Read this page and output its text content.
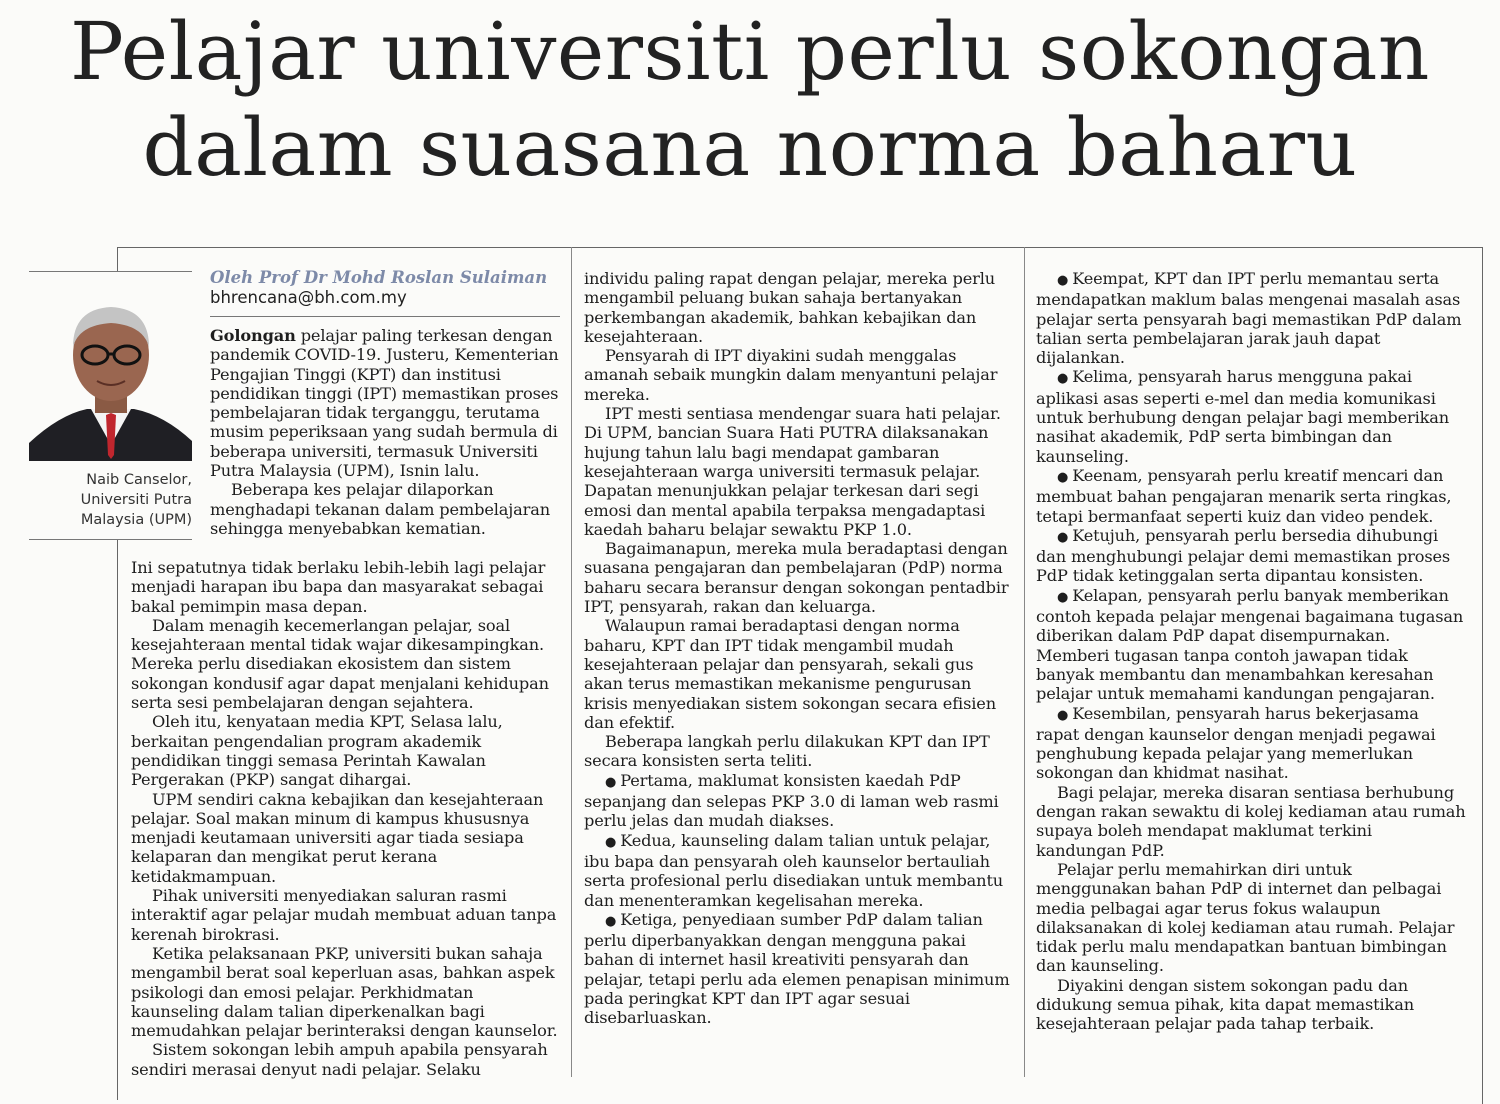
Pelajar universiti perlu sokongan
dalam suasana norma baharu
Naib Canselor,
Universiti Putra
Malaysia (UPM)
Oleh Prof Dr Mohd Roslan Sulaiman
bhrencana@bh.com.my

Golongan pelajar paling terkesan dengan pandemik COVID-19. Justeru, Kementerian Pengajian Tinggi (KPT) dan institusi pendidikan tinggi (IPT) memastikan proses pembelajaran tidak terganggu, terutama musim peperiksaan yang sudah bermula di beberapa universiti, termasuk Universiti Putra Malaysia (UPM), Isnin lalu.

Beberapa kes pelajar dilaporkan menghadapi tekanan dalam pembelajaran sehingga menyebabkan kematian.

Ini sepatutnya tidak berlaku lebih-lebih lagi pelajar menjadi harapan ibu bapa dan masyarakat sebagai bakal pemimpin masa depan.

Dalam menagih kecemerlangan pelajar, soal kesejahteraan mental tidak wajar dikesampingkan. Mereka perlu disediakan ekosistem dan sistem sokongan kondusif agar dapat menjalani kehidupan serta sesi pembelajaran dengan sejahtera.

Oleh itu, kenyataan media KPT, Selasa lalu, berkaitan pengendalian program akademik pendidikan tinggi semasa Perintah Kawalan Pergerakan (PKP) sangat dihargai.

UPM sendiri cakna kebajikan dan kesejahteraan pelajar. Soal makan minum di kampus khususnya menjadi keutamaan universiti agar tiada sesiapa kelaparan dan mengikat perut kerana ketidakmampuan.

Pihak universiti menyediakan saluran rasmi interaktif agar pelajar mudah membuat aduan tanpa kerenah birokrasi.

Ketika pelaksanaan PKP, universiti bukan sahaja mengambil berat soal keperluan asas, bahkan aspek psikologi dan emosi pelajar. Perkhidmatan kaunseling dalam talian diperkenalkan bagi memudahkan pelajar berinteraksi dengan kaunselor.

Sistem sokongan lebih ampuh apabila pensyarah sendiri merasai denyut nadi pelajar. Selaku

individu paling rapat dengan pelajar, mereka perlu mengambil peluang bukan sahaja bertanyakan perkembangan akademik, bahkan kebajikan dan kesejahteraan.

Pensyarah di IPT diyakini sudah menggalas amanah sebaik mungkin dalam menyantuni pelajar mereka.

IPT mesti sentiasa mendengar suara hati pelajar. Di UPM, bancian Suara Hati PUTRA dilaksanakan hujung tahun lalu bagi mendapat gambaran kesejahteraan warga universiti termasuk pelajar. Dapatan menunjukkan pelajar terkesan dari segi emosi dan mental apabila terpaksa mengadaptasi kaedah baharu belajar sewaktu PKP 1.0.

Bagaimanapun, mereka mula beradaptasi dengan suasana pengajaran dan pembelajaran (PdP) norma baharu secara beransur dengan sokongan pentadbir IPT, pensyarah, rakan dan keluarga.

Walaupun ramai beradaptasi dengan norma baharu, KPT dan IPT tidak mengambil mudah kesejahteraan pelajar dan pensyarah, sekali gus akan terus memastikan mekanisme pengurusan krisis menyediakan sistem sokongan secara efisien dan efektif.

Beberapa langkah perlu dilakukan KPT dan IPT secara konsisten serta teliti.

● Pertama, maklumat konsisten kaedah PdP sepanjang dan selepas PKP 3.0 di laman web rasmi perlu jelas dan mudah diakses.

● Kedua, kaunseling dalam talian untuk pelajar, ibu bapa dan pensyarah oleh kaunselor bertauliah serta profesional perlu disediakan untuk membantu dan menenteramkan kegelisahan mereka.

● Ketiga, penyediaan sumber PdP dalam talian perlu diperbanyakkan dengan mengguna pakai bahan di internet hasil kreativiti pensyarah dan pelajar, tetapi perlu ada elemen penapisan minimum pada peringkat KPT dan IPT agar sesuai disebarluaskan.

● Keempat, KPT dan IPT perlu memantau serta mendapatkan maklum balas mengenai masalah asas pelajar serta pensyarah bagi memastikan PdP dalam talian serta pembelajaran jarak jauh dapat dijalankan.

● Kelima, pensyarah harus mengguna pakai aplikasi asas seperti e-mel dan media komunikasi untuk berhubung dengan pelajar bagi memberikan nasihat akademik, PdP serta bimbingan dan kaunseling.

● Keenam, pensyarah perlu kreatif mencari dan membuat bahan pengajaran menarik serta ringkas, tetapi bermanfaat seperti kuiz dan video pendek.

● Ketujuh, pensyarah perlu bersedia dihubungi dan menghubungi pelajar demi memastikan proses PdP tidak ketinggalan serta dipantau konsisten.

● Kelapan, pensyarah perlu banyak memberikan contoh kepada pelajar mengenai bagaimana tugasan diberikan dalam PdP dapat disempurnakan. Memberi tugasan tanpa contoh jawapan tidak banyak membantu dan menambahkan keresahan pelajar untuk memahami kandungan pengajaran.

● Kesembilan, pensyarah harus bekerjasama rapat dengan kaunselor dengan menjadi pegawai penghubung kepada pelajar yang memerlukan sokongan dan khidmat nasihat.

Bagi pelajar, mereka disaran sentiasa berhubung dengan rakan sewaktu di kolej kediaman atau rumah supaya boleh mendapat maklumat terkini kandungan PdP.

Pelajar perlu memahirkan diri untuk menggunakan bahan PdP di internet dan pelbagai media pelbagai agar terus fokus walaupun dilaksanakan di kolej kediaman atau rumah. Pelajar tidak perlu malu mendapatkan bantuan bimbingan dan kaunseling.

Diyakini dengan sistem sokongan padu dan didukung semua pihak, kita dapat memastikan kesejahteraan pelajar pada tahap terbaik.
